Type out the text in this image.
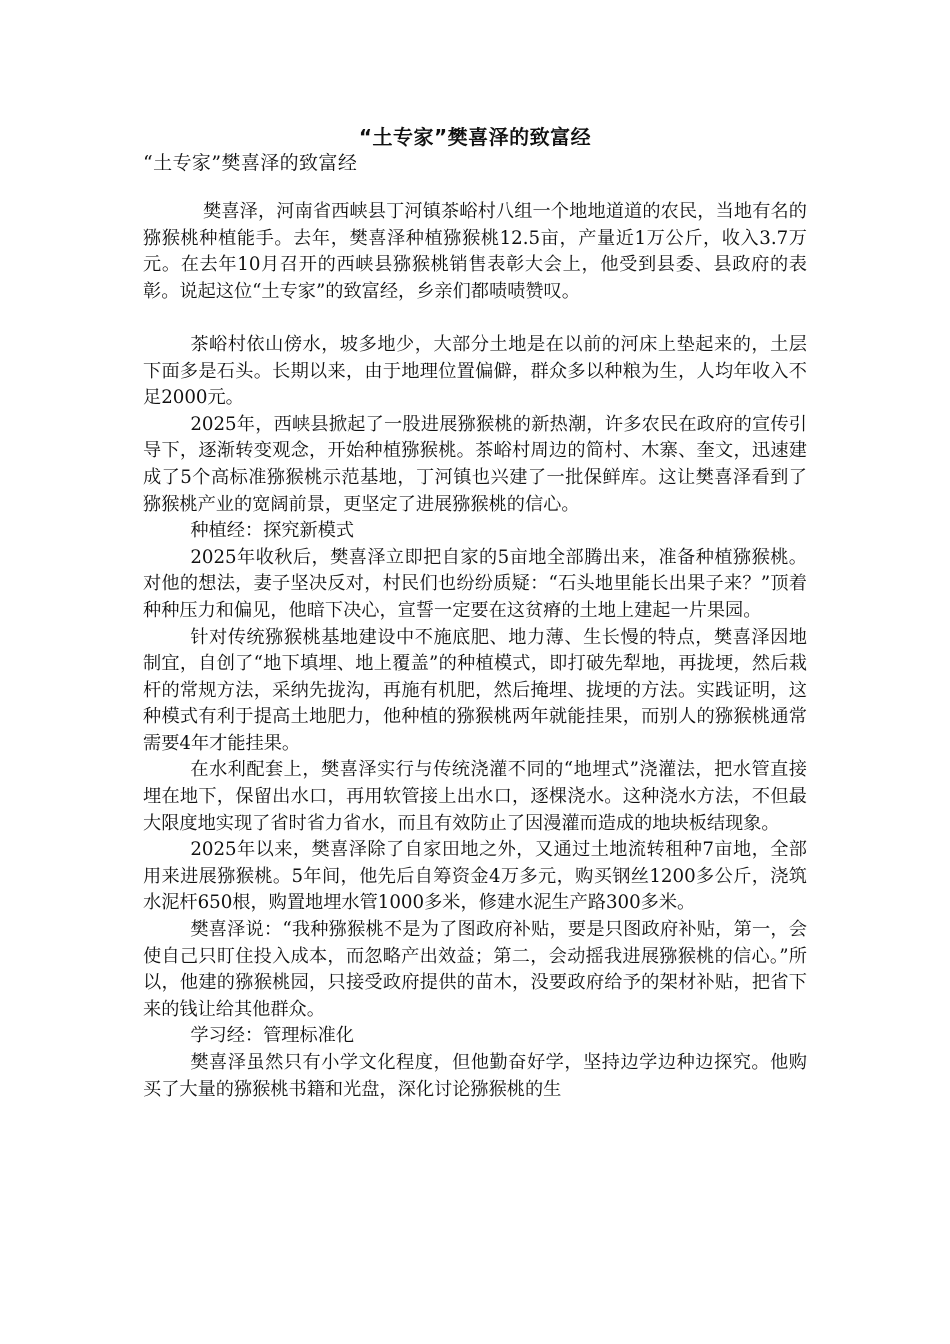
“土专家”樊喜泽的致富经
“土专家”樊喜泽的致富经

樊喜泽，河南省西峡县丁河镇茶峪村八组一个地地道道的农民，当地有名的猕猴桃种植能手。去年，樊喜泽种植猕猴桃12.5亩，产量近1万公斤，收入3.7万元。在去年10月召开的西峡县猕猴桃销售表彰大会上，他受到县委、县政府的表彰。说起这位“土专家”的致富经，乡亲们都啧啧赞叹。

茶峪村依山傍水，坡多地少，大部分土地是在以前的河床上垫起来的，土层下面多是石头。长期以来，由于地理位置偏僻，群众多以种粮为生，人均年收入不足2000元。

2025年，西峡县掀起了一股进展猕猴桃的新热潮，许多农民在政府的宣传引导下，逐渐转变观念，开始种植猕猴桃。茶峪村周边的简村、木寨、奎文，迅速建成了5个高标准猕猴桃示范基地，丁河镇也兴建了一批保鲜库。这让樊喜泽看到了猕猴桃产业的宽阔前景，更坚定了进展猕猴桃的信心。

种植经：探究新模式

2025年收秋后，樊喜泽立即把自家的5亩地全部腾出来，准备种植猕猴桃。对他的想法，妻子坚决反对，村民们也纷纷质疑：“石头地里能长出果子来？”顶着种种压力和偏见，他暗下决心，宣誓一定要在这贫瘠的土地上建起一片果园。

针对传统猕猴桃基地建设中不施底肥、地力薄、生长慢的特点，樊喜泽因地制宜，自创了“地下填埋、地上覆盖”的种植模式，即打破先犁地，再拢埂，然后栽杆的常规方法，采纳先拢沟，再施有机肥，然后掩埋、拢埂的方法。实践证明，这种模式有利于提高土地肥力，他种植的猕猴桃两年就能挂果，而别人的猕猴桃通常需要4年才能挂果。

在水利配套上，樊喜泽实行与传统浇灌不同的“地埋式”浇灌法，把水管直接埋在地下，保留出水口，再用软管接上出水口，逐棵浇水。这种浇水方法，不但最大限度地实现了省时省力省水，而且有效防止了因漫灌而造成的地块板结现象。

2025年以来，樊喜泽除了自家田地之外，又通过土地流转租种7亩地，全部用来进展猕猴桃。5年间，他先后自筹资金4万多元，购买钢丝1200多公斤，浇筑水泥杆650根，购置地埋水管1000多米，修建水泥生产路300多米。

樊喜泽说：“我种猕猴桃不是为了图政府补贴，要是只图政府补贴，第一，会使自己只盯住投入成本，而忽略产出效益；第二，会动摇我进展猕猴桃的信心。”所以，他建的猕猴桃园，只接受政府提供的苗木，没要政府给予的架材补贴，把省下来的钱让给其他群众。

学习经：管理标准化

樊喜泽虽然只有小学文化程度，但他勤奋好学，坚持边学边种边探究。他购买了大量的猕猴桃书籍和光盘，深化讨论猕猴桃的生
